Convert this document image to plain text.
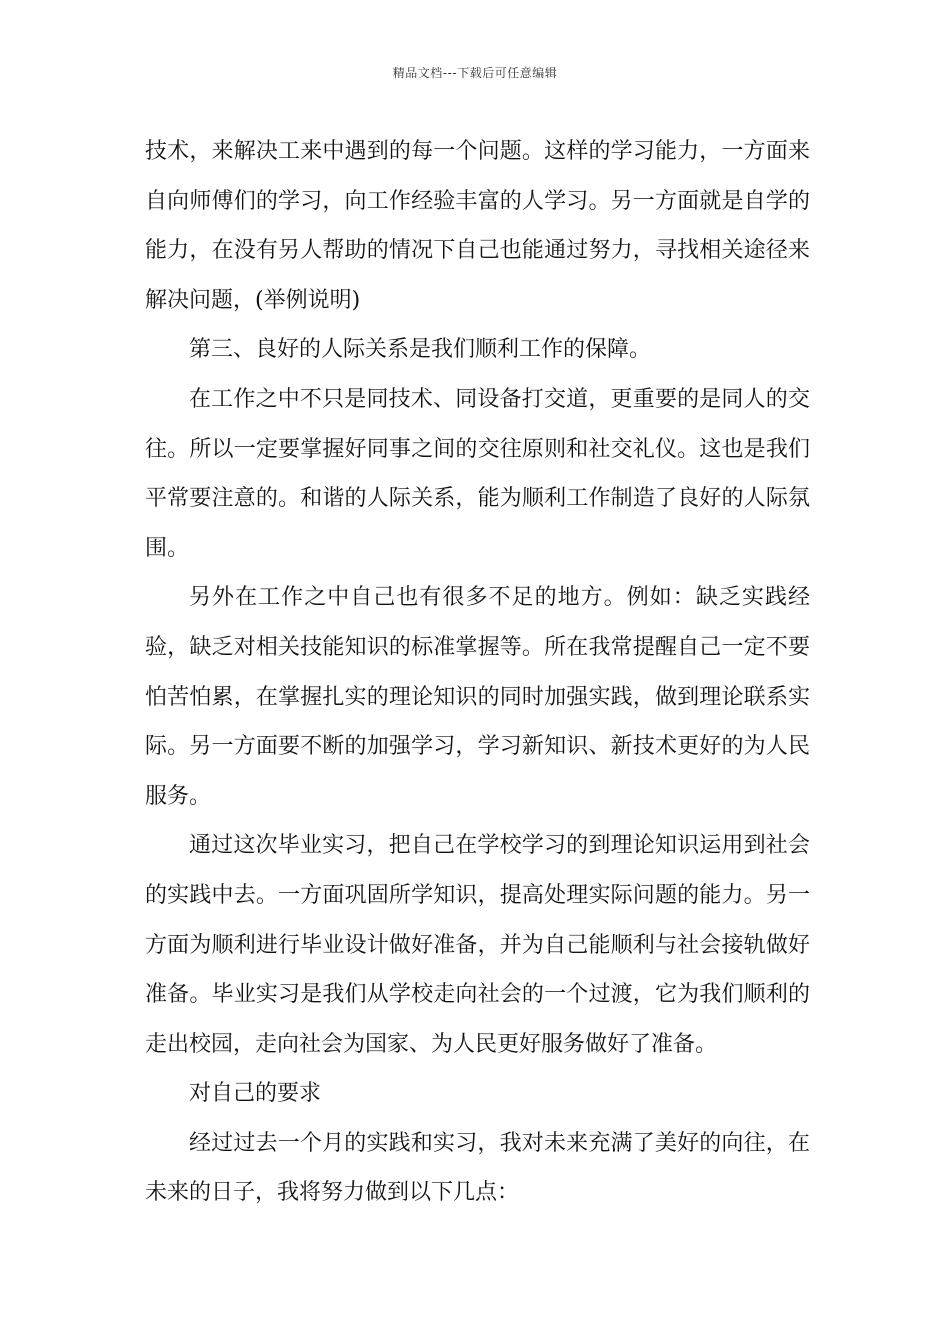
精品文档---下载后可任意编辑

技术，来解决工来中遇到的每一个问题。这样的学习能力，一方面来自向师傅们的学习，向工作经验丰富的人学习。另一方面就是自学的能力，在没有另人帮助的情况下自己也能通过努力，寻找相关途径来解决问题，(举例说明)

第三、良好的人际关系是我们顺利工作的保障。

在工作之中不只是同技术、同设备打交道，更重要的是同人的交往。所以一定要掌握好同事之间的交往原则和社交礼仪。这也是我们平常要注意的。和谐的人际关系，能为顺利工作制造了良好的人际氛围。

另外在工作之中自己也有很多不足的地方。例如：缺乏实践经验，缺乏对相关技能知识的标准掌握等。所在我常提醒自己一定不要怕苦怕累，在掌握扎实的理论知识的同时加强实践，做到理论联系实际。另一方面要不断的加强学习，学习新知识、新技术更好的为人民服务。

通过这次毕业实习，把自己在学校学习的到理论知识运用到社会的实践中去。一方面巩固所学知识，提高处理实际问题的能力。另一方面为顺利进行毕业设计做好准备，并为自己能顺利与社会接轨做好准备。毕业实习是我们从学校走向社会的一个过渡，它为我们顺利的走出校园，走向社会为国家、为人民更好服务做好了准备。

对自己的要求

经过过去一个月的实践和实习，我对未来充满了美好的向往，在未来的日子，我将努力做到以下几点：
